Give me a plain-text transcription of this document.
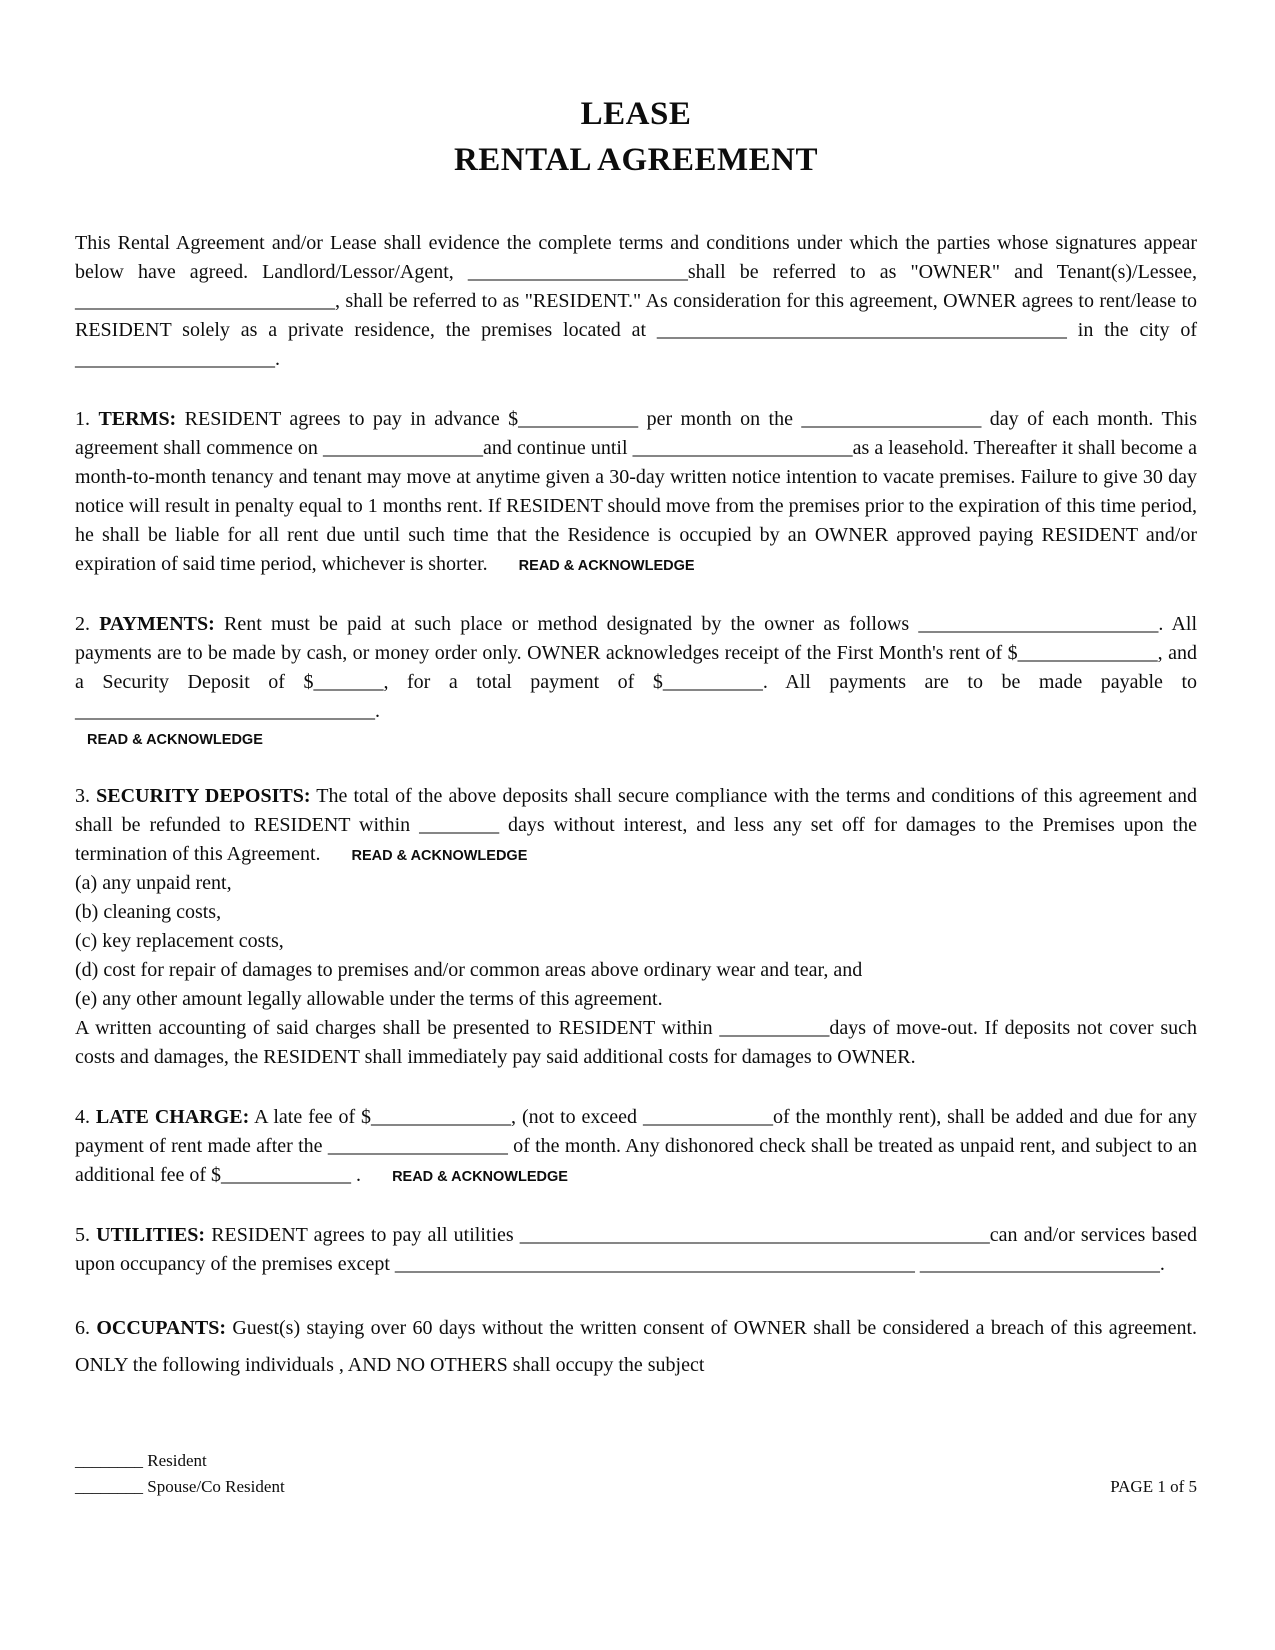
LEASE
RENTAL AGREEMENT
This Rental Agreement and/or Lease shall evidence the complete terms and conditions under which the parties whose signatures appear below have agreed. Landlord/Lessor/Agent, ______________________shall be referred to as "OWNER" and Tenant(s)/Lessee, __________________________, shall be referred to as "RESIDENT." As consideration for this agreement, OWNER agrees to rent/lease to RESIDENT solely as a private residence, the premises located at _________________________________________ in the city of ____________________.
1. TERMS: RESIDENT agrees to pay in advance $____________ per month on the __________________ day of each month. This agreement shall commence on ________________and continue until ______________________as a leasehold. Thereafter it shall become a month-to-month tenancy and tenant may move at anytime given a 30-day written notice intention to vacate premises. Failure to give 30 day notice will result in penalty equal to 1 months rent. If RESIDENT should move from the premises prior to the expiration of this time period, he shall be liable for all rent due until such time that the Residence is occupied by an OWNER approved paying RESIDENT and/or expiration of said time period, whichever is shorter. READ & ACKNOWLEDGE
2. PAYMENTS: Rent must be paid at such place or method designated by the owner as follows ________________________. All payments are to be made by cash, or money order only. OWNER acknowledges receipt of the First Month's rent of $______________, and a Security Deposit of $_______, for a total payment of $__________. All payments are to be made payable to ______________________________.
READ & ACKNOWLEDGE
3. SECURITY DEPOSITS: The total of the above deposits shall secure compliance with the terms and conditions of this agreement and shall be refunded to RESIDENT within ________ days without interest, and less any set off for damages to the Premises upon the termination of this Agreement. READ & ACKNOWLEDGE
(a) any unpaid rent,
(b) cleaning costs,
(c) key replacement costs,
(d) cost for repair of damages to premises and/or common areas above ordinary wear and tear, and
(e) any other amount legally allowable under the terms of this agreement.
A written accounting of said charges shall be presented to RESIDENT within ___________days of move-out. If deposits not cover such costs and damages, the RESIDENT shall immediately pay said additional costs for damages to OWNER.
4. LATE CHARGE: A late fee of $______________, (not to exceed _____________of the monthly rent), shall be added and due for any payment of rent made after the __________________ of the month. Any dishonored check shall be treated as unpaid rent, and subject to an additional fee of $_____________ . READ & ACKNOWLEDGE
5. UTILITIES: RESIDENT agrees to pay all utilities _______________________________________________can and/or services based upon occupancy of the premises except ____________________________________________________ ________________________.
6. OCCUPANTS: Guest(s) staying over 60 days without the written consent of OWNER shall be considered a breach of this agreement. ONLY the following individuals , AND NO OTHERS shall occupy the subject
________ Resident
________ Spouse/Co Resident	PAGE 1 of 5
